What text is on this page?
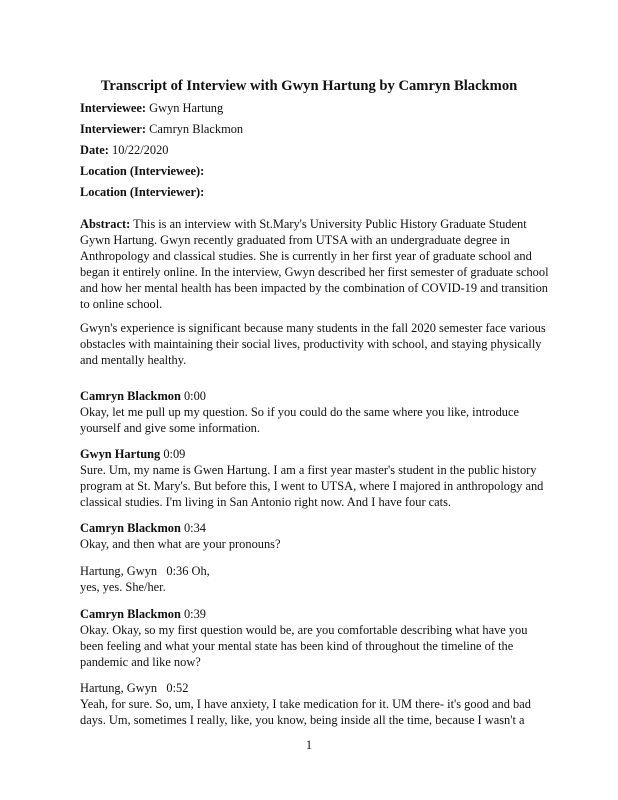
Transcript of Interview with Gwyn Hartung by Camryn Blackmon
Interviewee: Gwyn Hartung
Interviewer: Camryn Blackmon
Date: 10/22/2020
Location (Interviewee):
Location (Interviewer):
Abstract: This is an interview with St.Mary's University Public History Graduate Student Gywn Hartung. Gwyn recently graduated from UTSA with an undergraduate degree in Anthropology and classical studies. She is currently in her first year of graduate school and began it entirely online. In the interview, Gwyn described her first semester of graduate school and how her mental health has been impacted by the combination of COVID-19 and transition to online school.
Gwyn's experience is significant because many students in the fall 2020 semester face various obstacles with maintaining their social lives, productivity with school, and staying physically and mentally healthy.
Camryn Blackmon 0:00
Okay, let me pull up my question. So if you could do the same where you like, introduce yourself and give some information.
Gwyn Hartung 0:09
Sure. Um, my name is Gwen Hartung. I am a first year master's student in the public history program at St. Mary's. But before this, I went to UTSA, where I majored in anthropology and classical studies. I'm living in San Antonio right now. And I have four cats.
Camryn Blackmon 0:34
Okay, and then what are your pronouns?
Hartung, Gwyn   0:36 Oh,
yes, yes. She/her.
Camryn Blackmon 0:39
Okay. Okay, so my first question would be, are you comfortable describing what have you been feeling and what your mental state has been kind of throughout the timeline of the pandemic and like now?
Hartung, Gwyn   0:52
Yeah, for sure. So, um, I have anxiety, I take medication for it. UM there- it's good and bad days. Um, sometimes I really, like, you know, being inside all the time, because I wasn't a
1
